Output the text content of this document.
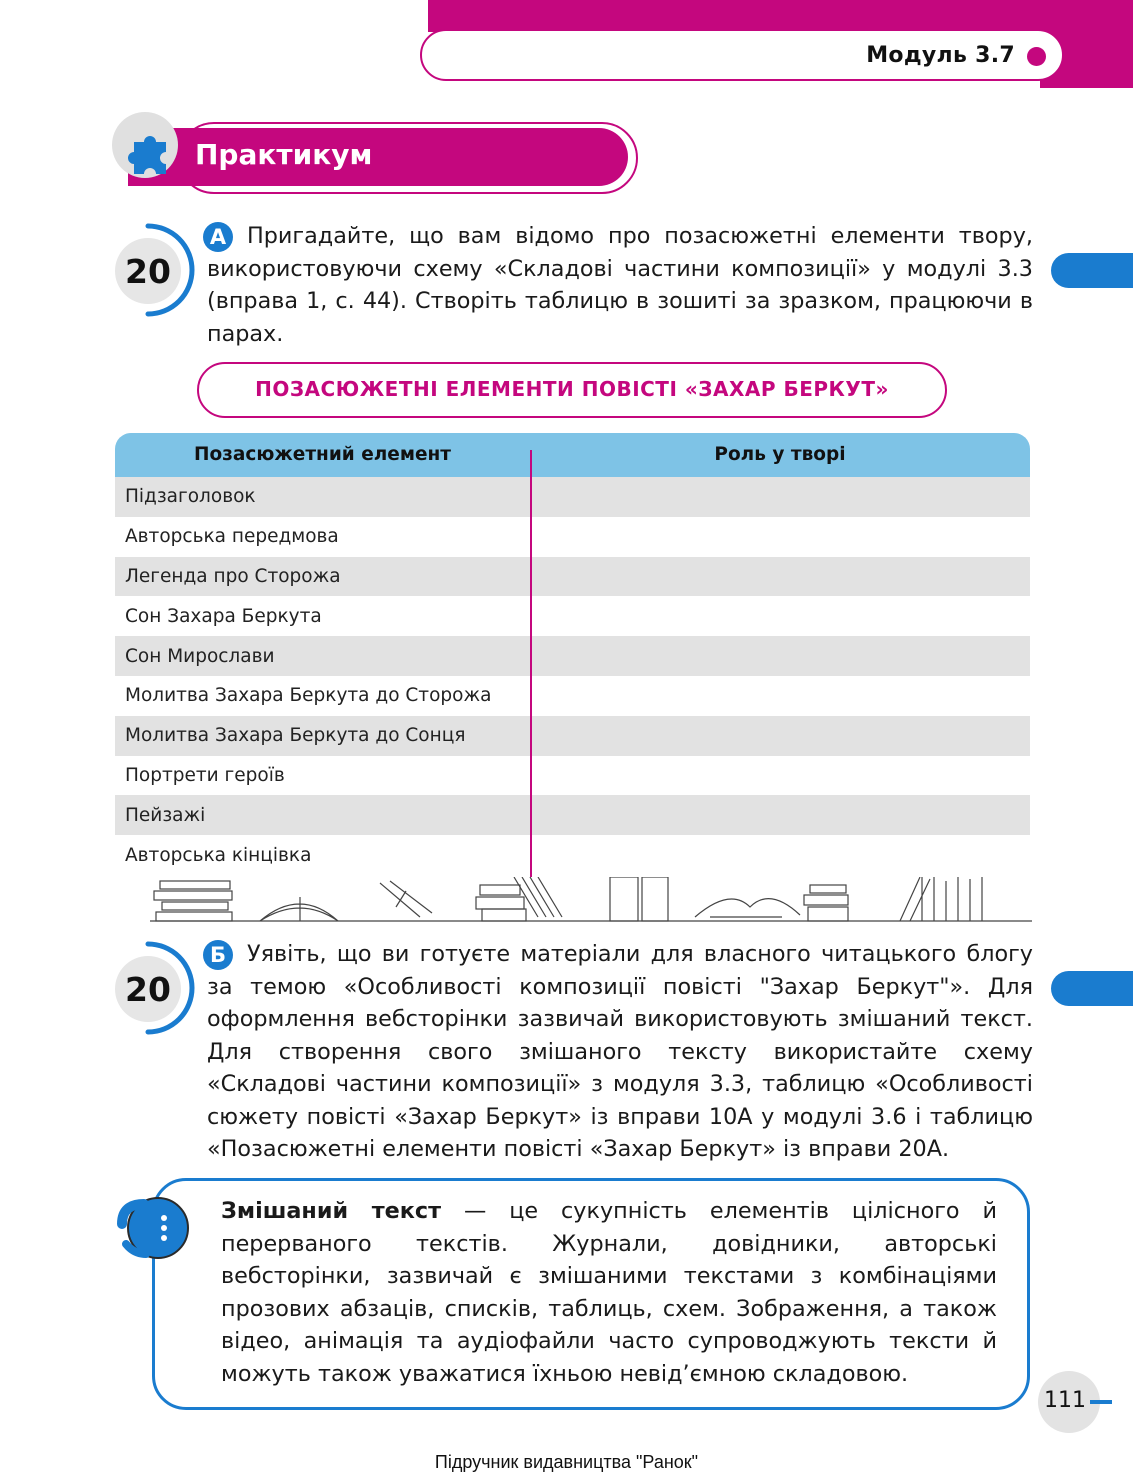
Модуль 3.7
Практикум
20
А Пригадайте, що вам відомо про позасюжетні елементи твору, використовуючи схему «Складові частини композиції» у модулі 3.3 (вправа 1, с. 44). Створіть таблицю в зошиті за зразком, працюючи в парах.
ПОЗАСЮЖЕТНІ ЕЛЕМЕНТИ ПОВІСТІ «ЗАХАР БЕРКУТ»
Позасюжетний елемент	Роль у творі
Підзаголовок
Авторська передмова
Легенда про Сторожа
Сон Захара Беркута
Сон Мирослави
Молитва Захара Беркута до Сторожа
Молитва Захара Беркута до Сонця
Портрети героїв
Пейзажі
Авторська кінцівка
20
Б Уявіть, що ви готуєте матеріали для власного читацького блогу за темою «Особливості композиції повісті "Захар Беркут"». Для оформлення вебсторінки зазвичай використовують змішаний текст. Для створення свого змішаного тексту використайте схему «Складові частини композиції» з модуля 3.3, таблицю «Особливості сюжету повісті «Захар Беркут» із вправи 10А у модулі 3.6 і таблицю «Позасюжетні елементи повісті «Захар Беркут» із вправи 20А.
Змішаний текст — це сукупність елементів цілісного й перерваного текстів. Журнали, довідники, авторські вебсторінки, зазвичай є змішаними текстами з комбінаціями прозових абзаців, списків, таблиць, схем. Зображення, а також відео, анімація та аудіофайли часто супроводжують тексти й можуть також уважатися їхньою невід’ємною складовою.
111
Підручник видавництва "Ранок"
